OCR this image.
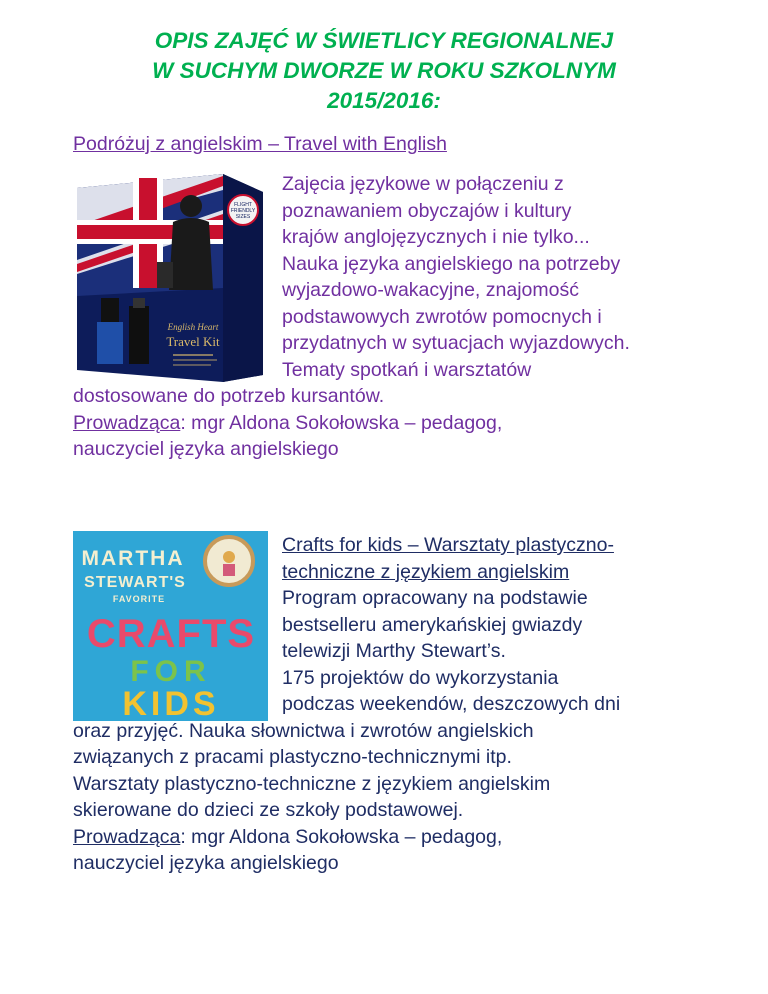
OPIS ZAJĘĆ W ŚWIETLICY REGIONALNEJ
W SUCHYM DWORZE W ROKU SZKOLNYM
2015/2016:
Podróżuj z angielskim – Travel with English
FLIGHT
FRIENDLY
SIZES
English Heart
Travel Kit
Zajęcia językowe w połączeniu z
poznawaniem obyczajów i kultury
krajów anglojęzycznych i nie tylko...
Nauka języka angielskiego na potrzeby
wyjazdowo-wakacyjne, znajomość
podstawowych zwrotów pomocnych i
przydatnych w sytuacjach wyjazdowych.
Tematy spotkań i warsztatów
dostosowane do potrzeb kursantów.
Prowadząca: mgr Aldona Sokołowska – pedagog,
nauczyciel języka angielskiego
MARTHA
STEWART'S
FAVORITE
CRAFTS
FOR
KIDS
Crafts for kids – Warsztaty plastyczno-
techniczne z językiem angielskim
Program opracowany na podstawie
bestselleru amerykańskiej gwiazdy
telewizji Marthy Stewart’s.
175 projektów do wykorzystania
podczas weekendów, deszczowych dni
oraz przyjęć. Nauka słownictwa i zwrotów angielskich
związanych z pracami plastyczno-technicznymi itp.
Warsztaty plastyczno-techniczne z językiem angielskim
skierowane do dzieci ze szkoły podstawowej.
Prowadząca: mgr Aldona Sokołowska – pedagog,
nauczyciel języka angielskiego
